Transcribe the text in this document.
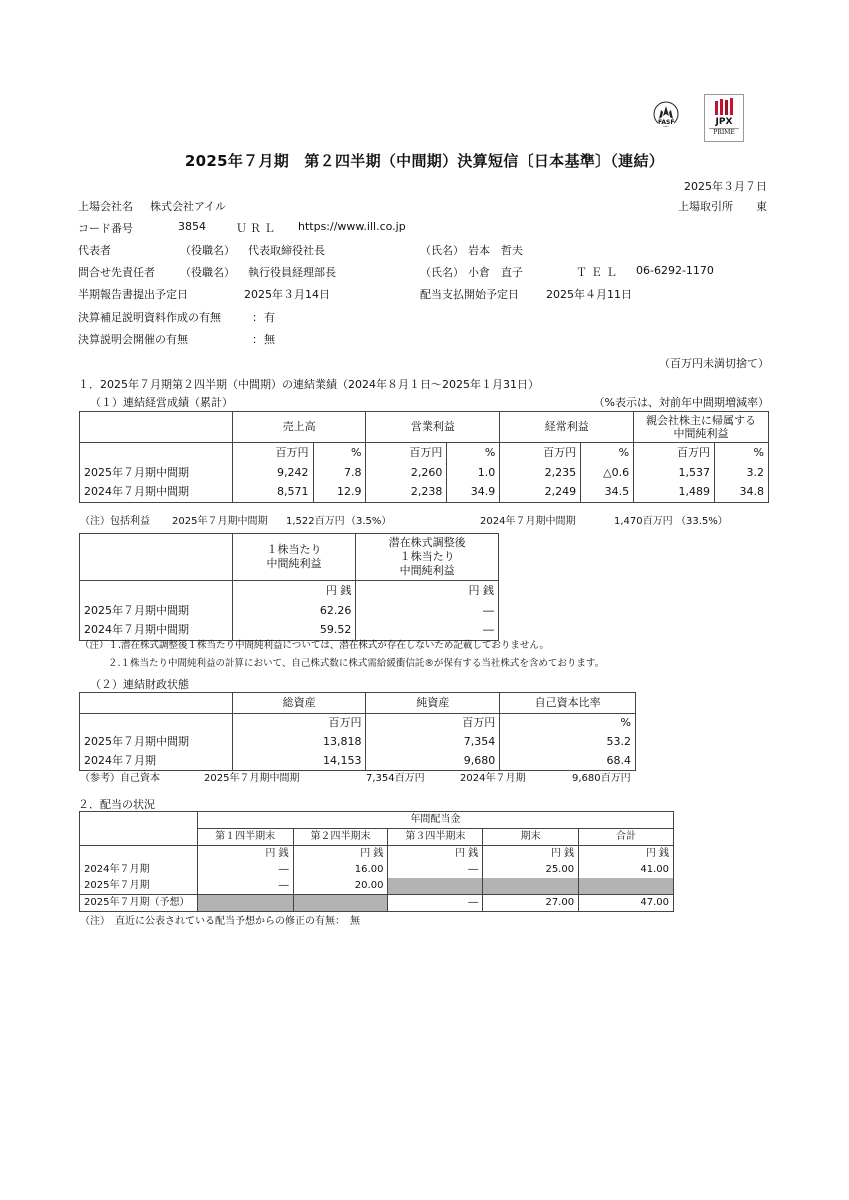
FASF	JPX
PRIME
2025年７月期　第２四半期（中間期）決算短信〔日本基準〕（連結）
2025年３月７日
上場会社名 株式会社アイル	上場取引所 東
コード番号	3854	ＵＲＬ https://www.ill.co.jp
代表者	（役職名） 代表取締役社長	（氏名） 岩本　哲夫
問合せ先責任者 （役職名） 執行役員経理部長	（氏名） 小倉　直子	ＴＥＬ 06-6292-1170
半期報告書提出予定日	2025年３月14日	配当支払開始予定日 2025年４月11日
決算補足説明資料作成の有無	： 有
決算説明会開催の有無	： 無
（百万円未満切捨て）
１．2025年７月期第２四半期（中間期）の連結業績（2024年８月１日～2025年１月31日）
（１）連結経営成績（累計）	（%表示は、対前年中間期増減率）
	売上高		営業利益		経常利益		親会社株主に帰属する
中間純利益	

	百万円	%	百万円	%	百万円	%	百万円	%
2025年７月期中間期	9,242	7.8	2,260	1.0	2,235	△0.6	1,537	3.2
2024年７月期中間期	8,571	12.9	2,238	34.9	2,249	34.5	1,489	34.8
（注）包括利益 2025年７月期中間期 1,522百万円 （3.5%）	2024年７月期中間期	1,470百万円 （33.5%）

１株当たり
中間純利益

潜在株式調整後
１株当たり
中間純利益

	円 銭	円 銭
2025年７月期中間期	62.26	―
2024年７月期中間期	59.52	―
（注）１.潜在株式調整後１株当たり中間純利益については、潜在株式が存在しないため記載しておりません。
２.１株当たり中間純利益の計算において、自己株式数に株式需給緩衝信託®が保有する当社株式を含めております。
（２）連結財政状態
	総資産	純資産	自己資本比率
	百万円	百万円	%
2025年７月期中間期	13,818	7,354	53.2
2024年７月期	14,153	9,680	68.4
（参考）自己資本	2025年７月期中間期	7,354百万円	2024年７月期	9,680百万円
２．配当の状況
	年間配当金				
	第１四半期末	第２四半期末	第３四半期末	期末	合計
	円 銭	円 銭	円 銭	円 銭	円 銭
2024年７月期	―	16.00	―	25.00	41.00
2025年７月期	―	20.00			
2025年７月期（予想）			―	27.00	47.00
（注）　直近に公表されている配当予想からの修正の有無：　無
